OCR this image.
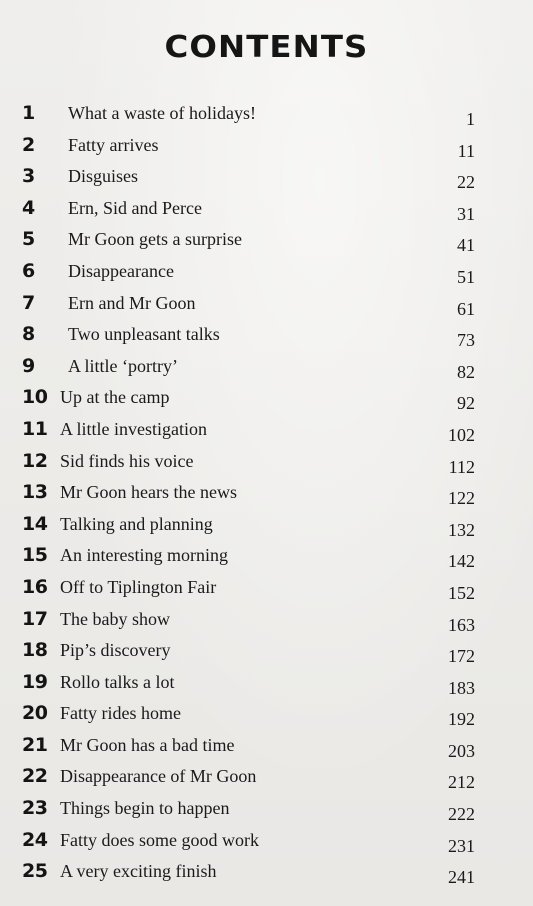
CONTENTS
1	What a waste of holidays!	1
2	Fatty arrives	11
3	Disguises	22
4	Ern, Sid and Perce	31
5	Mr Goon gets a surprise	41
6	Disappearance	51
7	Ern and Mr Goon	61
8	Two unpleasant talks	73
9	A little ‘portry’	82
10 Up at the camp	92
11 A little investigation	102
12 Sid finds his voice	112
13 Mr Goon hears the news	122
14 Talking and planning	132
15 An interesting morning	142
16 Off to Tiplington Fair	152
17 The baby show	163
18 Pip’s discovery	172
19 Rollo talks a lot	183
20 Fatty rides home	192
21 Mr Goon has a bad time	203
22 Disappearance of Mr Goon	212
23 Things begin to happen	222
24 Fatty does some good work	231
25 A very exciting finish	241
